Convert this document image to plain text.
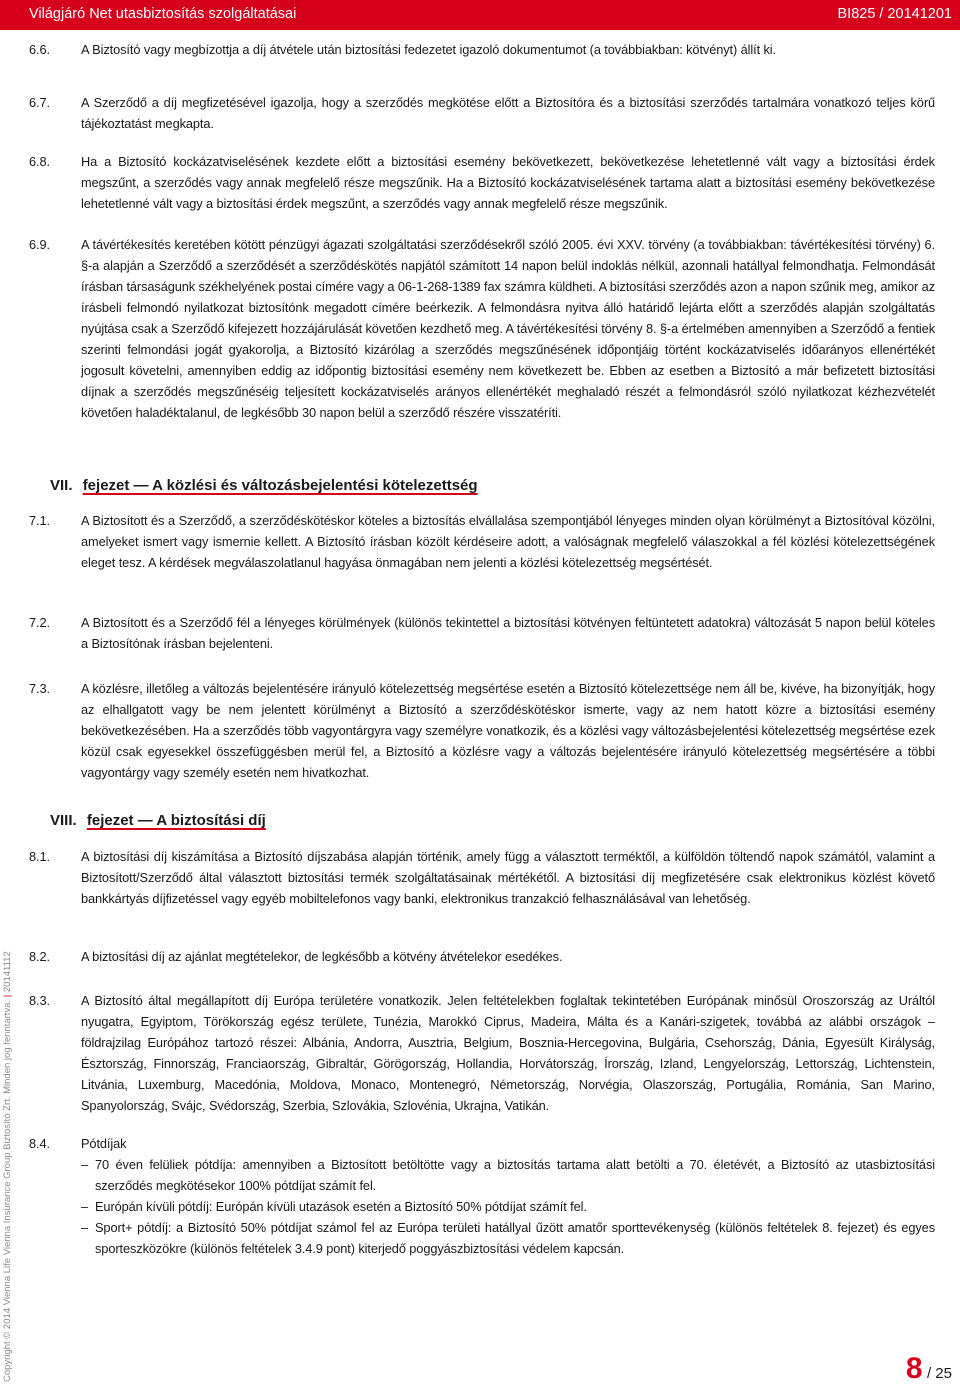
Világjáró Net utasbiztosítás szolgáltatásai	BI825 / 20141201
Copyright © 2014 Vienna Life Vienna Insurance Group Biztosító Zrt. Minden jog fenntartva. | 20141112
6.6. A Biztosító vagy megbízottja a díj átvétele után biztosítási fedezetet igazoló dokumentumot (a továbbiakban: kötvényt) állít ki.
6.7. A Szerződő a díj megfizetésével igazolja, hogy a szerződés megkötése előtt a Biztosítóra és a biztosítási szerződés tartalmára vonatkozó teljes körű tájékoztatást megkapta.
6.8. Ha a Biztosító kockázatviselésének kezdete előtt a biztosítási esemény bekövetkezett, bekövetkezése lehetetlenné vált vagy a biztosítási érdek megszűnt, a szerződés vagy annak megfelelő része megszűnik. Ha a Biztosító kockázatviselésének tartama alatt a biztosítási esemény bekövetkezése lehetetlenné vált vagy a biztosítási érdek megszűnt, a szerződés vagy annak megfelelő része megszűnik.
6.9. A távértékesítés keretében kötött pénzügyi ágazati szolgáltatási szerződésekről szóló 2005. évi XXV. törvény (a továbbiakban: távértékesítési törvény) 6. §-a alapján a Szerződő a szerződését a szerződéskötés napjától számított 14 napon belül indoklás nélkül, azonnali hatállyal felmondhatja. Felmondását írásban társaságunk székhelyének postai címére vagy a 06-1-268-1389 fax számra küldheti. A biztosítási szerződés azon a napon szűnik meg, amikor az írásbeli felmondó nyilatkozat biztosítónk megadott címére beérkezik. A felmondásra nyitva álló határidő lejárta előtt a szerződés alapján szolgáltatás nyújtása csak a Szerződő kifejezett hozzájárulását követően kezdhető meg. A távértékesítési törvény 8. §-a értelmében amennyiben a Szerződő a fentiek szerinti felmondási jogát gyakorolja, a Biztosító kizárólag a szerződés megszűnésének időpontjáig történt kockázatviselés időarányos ellenértékét jogosult követelni, amennyiben eddig az időpontig biztosítási esemény nem következett be. Ebben az esetben a Biztosító a már befizetett biztosítási díjnak a szerződés megszűnéséig teljesített kockázatviselés arányos ellenértékét meghaladó részét a felmondásról szóló nyilatkozat kézhezvételét követően haladéktalanul, de legkésőbb 30 napon belül a szerződő részére visszatéríti.
VII. fejezet — A közlési és változásbejelentési kötelezettség
7.1. A Biztosított és a Szerződő, a szerződéskötéskor köteles a biztosítás elvállalása szempontjából lényeges minden olyan körülményt a Biztosítóval közölni, amelyeket ismert vagy ismernie kellett. A Biztosító írásban közölt kérdéseire adott, a valóságnak megfelelő válaszokkal a fél közlési kötelezettségének eleget tesz. A kérdések megválaszolatlanul hagyása önmagában nem jelenti a közlési kötelezettség megsértését.
7.2. A Biztosított és a Szerződő fél a lényeges körülmények (különös tekintettel a biztosítási kötvényen feltüntetett adatokra) változását 5 napon belül köteles a Biztosítónak írásban bejelenteni.
7.3. A közlésre, illetőleg a változás bejelentésére irányuló kötelezettség megsértése esetén a Biztosító kötelezettsége nem áll be, kivéve, ha bizonyítják, hogy az elhallgatott vagy be nem jelentett körülményt a Biztosító a szerződéskötéskor ismerte, vagy az nem hatott közre a biztosítási esemény bekövetkezésében. Ha a szerződés több vagyontárgyra vagy személyre vonatkozik, és a közlési vagy változásbejelentési kötelezettség megsértése ezek közül csak egyesekkel összefüggésben merül fel, a Biztosító a közlésre vagy a változás bejelentésére irányuló kötelezettség megsértésére a többi vagyontárgy vagy személy esetén nem hivatkozhat.
VIII. fejezet — A biztosítási díj
8.1. A biztosítási díj kiszámítása a Biztosító díjszabása alapján történik, amely függ a választott terméktől, a külföldön töltendő napok számától, valamint a Biztosított/Szerződő által választott biztosítási termék szolgáltatásainak mértékétől. A biztosítási díj megfizetésére csak elektronikus közlést követő bankkártyás díjfizetéssel vagy egyéb mobiltelefonos vagy banki, elektronikus tranzakció felhasználásával van lehetőség.
8.2. A biztosítási díj az ajánlat megtételekor, de legkésőbb a kötvény átvételekor esedékes.
8.3. A Biztosító által megállapított díj Európa területére vonatkozik. Jelen feltételekben foglaltak tekintetében Európának minősül Oroszország az Uráltól nyugatra, Egyiptom, Törökország egész területe, Tunézia, Marokkó Ciprus, Madeira, Málta és a Kanári-szigetek, továbbá az alábbi országok – földrajzilag Európához tartozó részei: Albánia, Andorra, Ausztria, Belgium, Bosznia-Hercegovina, Bulgária, Csehország, Dánia, Egyesült Királyság, Észtország, Finnország, Franciaország, Gibraltár, Görögország, Hollandia, Horvátország, Írország, Izland, Lengyelország, Lettország, Lichtenstein, Litvánia, Luxemburg, Macedónia, Moldova, Monaco, Montenegró, Németország, Norvégia, Olaszország, Portugália, Románia, San Marino, Spanyolország, Svájc, Svédország, Szerbia, Szlovákia, Szlovénia, Ukrajna, Vatikán.
8.4. Pótdíjak
– 70 éven felüliek pótdíja: amennyiben a Biztosított betöltötte vagy a biztosítás tartama alatt betölti a 70. életévét, a Biztosító az utasbiztosítási szerződés megkötésekor 100% pótdíjat számít fel.
– Európán kívüli pótdíj: Európán kívüli utazások esetén a Biztosító 50% pótdíjat számít fel.
– Sport+ pótdíj: a Biztosító 50% pótdíjat számol fel az Európa területi hatállyal űzött amatőr sporttevékenység (különös feltételek 8. fejezet) és egyes sporteszközökre (különös feltételek 3.4.9 pont) kiterjedő poggyászbiztosítási védelem kapcsán.
8 / 25
